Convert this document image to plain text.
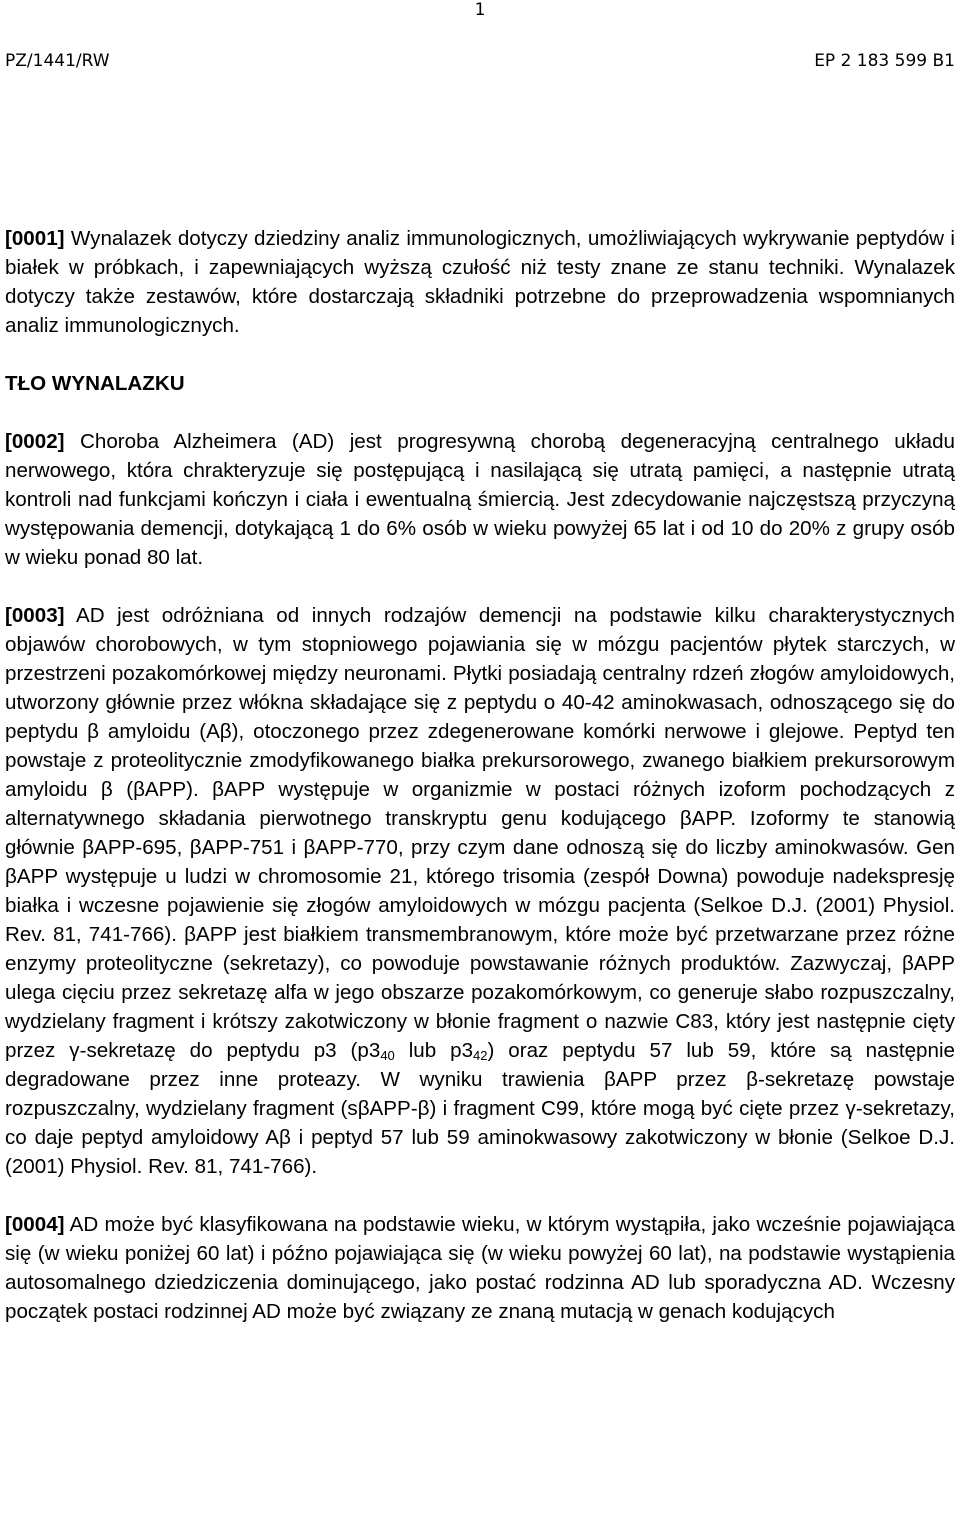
1
PZ/1441/RW	EP 2 183 599 B1

[0001] Wynalazek dotyczy dziedziny analiz immunologicznych, umożliwiających wykrywanie peptydów i białek w próbkach, i zapewniających wyższą czułość niż testy znane ze stanu techniki. Wynalazek dotyczy także zestawów, które dostarczają składniki potrzebne do przeprowadzenia wspomnianych analiz immunologicznych.

TŁO WYNALAZKU

[0002] Choroba Alzheimera (AD) jest progresywną chorobą degeneracyjną centralnego układu nerwowego, która chrakteryzuje się postępującą i nasilającą się utratą pamięci, a następnie utratą kontroli nad funkcjami kończyn i ciała i ewentualną śmiercią. Jest zdecydowanie najczęstszą przyczyną występowania demencji, dotykającą 1 do 6% osób w wieku powyżej 65 lat i od 10 do 20% z grupy osób w wieku ponad 80 lat.

[0003] AD jest odróżniana od innych rodzajów demencji na podstawie kilku charakterystycznych objawów chorobowych, w tym stopniowego pojawiania się w mózgu pacjentów płytek starczych, w przestrzeni pozakomórkowej między neuronami. Płytki posiadają centralny rdzeń złogów amyloidowych, utworzony głównie przez włókna składające się z peptydu o 40-42 aminokwasach, odnoszącego się do peptydu β amyloidu (Aβ), otoczonego przez zdegenerowane komórki nerwowe i glejowe. Peptyd ten powstaje z proteolitycznie zmodyfikowanego białka prekursorowego, zwanego białkiem prekursorowym amyloidu β (βAPP). βAPP występuje w organizmie w postaci różnych izoform pochodzących z alternatywnego składania pierwotnego transkryptu genu kodującego βAPP. Izoformy te stanowią głównie βAPP-695, βAPP-751 i βAPP-770, przy czym dane odnoszą się do liczby aminokwasów. Gen βAPP występuje u ludzi w chromosomie 21, którego trisomia (zespół Downa) powoduje nadekspresję białka i wczesne pojawienie się złogów amyloidowych w mózgu pacjenta (Selkoe D.J. (2001) Physiol. Rev. 81, 741-766). βAPP jest białkiem transmembranowym, które może być przetwarzane przez różne enzymy proteolityczne (sekretazy), co powoduje powstawanie różnych produktów. Zazwyczaj, βAPP ulega cięciu przez sekretazę alfa w jego obszarze pozakomórkowym, co generuje słabo rozpuszczalny, wydzielany fragment i krótszy zakotwiczony w błonie fragment o nazwie C83, który jest następnie cięty przez γ-sekretazę do peptydu p3 ($p3_{40}$ lub $p3_{42}$) oraz peptydu 57 lub 59, które są następnie degradowane przez inne proteazy. W wyniku trawienia βAPP przez β-sekretazę powstaje rozpuszczalny, wydzielany fragment (sβAPP-β) i fragment C99, które mogą być cięte przez γ-sekretazy, co daje peptyd amyloidowy Aβ i peptyd 57 lub 59 aminokwasowy zakotwiczony w błonie (Selkoe D.J. (2001) Physiol. Rev. 81, 741-766).

[0004] AD może być klasyfikowana na podstawie wieku, w którym wystąpiła, jako wcześnie pojawiająca się (w wieku poniżej 60 lat) i późno pojawiająca się (w wieku powyżej 60 lat), na podstawie wystąpienia autosomalnego dziedziczenia dominującego, jako postać rodzinna AD lub sporadyczna AD. Wczesny początek postaci rodzinnej AD może być związany ze znaną mutacją w genach kodujących
